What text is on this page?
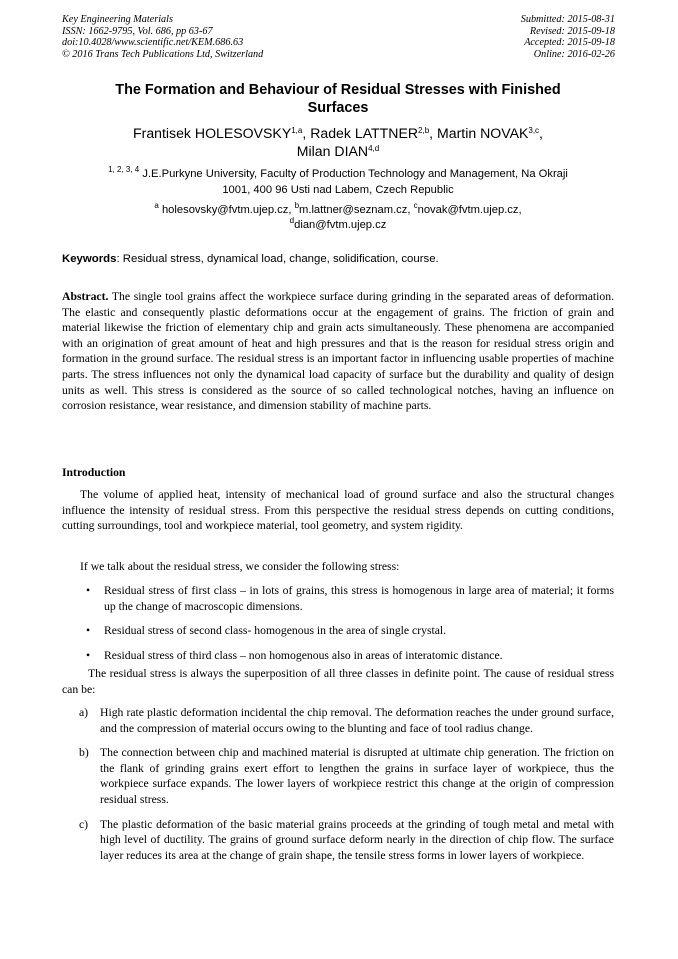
Key Engineering Materials
ISSN: 1662-9795, Vol. 686, pp 63-67
doi:10.4028/www.scientific.net/KEM.686.63
© 2016 Trans Tech Publications Ltd, Switzerland
Submitted: 2015-08-31
Revised: 2015-09-18
Accepted: 2015-09-18
Online: 2016-02-26
The Formation and Behaviour of Residual Stresses with Finished
Surfaces
Frantisek HOLESOVSKY$^{1,a}$, Radek LATTNER$^{2,b}$, Martin NOVAK$^{3,c}$,
Milan DIAN$^{4,d}$
$^{1, 2, 3, 4}$ J.E.Purkyne University, Faculty of Production Technology and Management, Na Okraji
1001, 400 96 Usti nad Labem, Czech Republic
$^a$ holesovsky@fvtm.ujep.cz, $^b$m.lattner@seznam.cz, $^c$novak@fvtm.ujep.cz,
$^d$dian@fvtm.ujep.cz
Keywords: Residual stress, dynamical load, change, solidification, course.
Abstract. The single tool grains affect the workpiece surface during grinding in the separated areas of deformation. The elastic and consequently plastic deformations occur at the engagement of grains. The friction of grain and material likewise the friction of elementary chip and grain acts simultaneously. These phenomena are accompanied with an origination of great amount of heat and high pressures and that is the reason for residual stress origin and formation in the ground surface. The residual stress is an important factor in influencing usable properties of machine parts. The stress influences not only the dynamical load capacity of surface but the durability and quality of design units as well. This stress is considered as the source of so called technological notches, having an influence on corrosion resistance, wear resistance, and dimension stability of machine parts.
Introduction
The volume of applied heat, intensity of mechanical load of ground surface and also the structural changes influence the intensity of residual stress. From this perspective the residual stress depends on cutting conditions, cutting surroundings, tool and workpiece material, tool geometry, and system rigidity.
If we talk about the residual stress, we consider the following stress:
• Residual stress of first class – in lots of grains, this stress is homogenous in large area of material; it forms up the change of macroscopic dimensions.
• Residual stress of second class- homogenous in the area of single crystal.
• Residual stress of third class – non homogenous also in areas of interatomic distance.
The residual stress is always the superposition of all three classes in definite point. The cause of residual stress can be:
a) High rate plastic deformation incidental the chip removal. The deformation reaches the under ground surface, and the compression of material occurs owing to the blunting and face of tool radius change.
b) The connection between chip and machined material is disrupted at ultimate chip generation. The friction on the flank of grinding grains exert effort to lengthen the grains in surface layer of workpiece, thus the workpiece surface expands. The lower layers of workpiece restrict this change at the origin of compression residual stress.
c) The plastic deformation of the basic material grains proceeds at the grinding of tough metal and metal with high level of ductility. The grains of ground surface deform nearly in the direction of chip flow. The surface layer reduces its area at the change of grain shape, the tensile stress forms in lower layers of workpiece.
